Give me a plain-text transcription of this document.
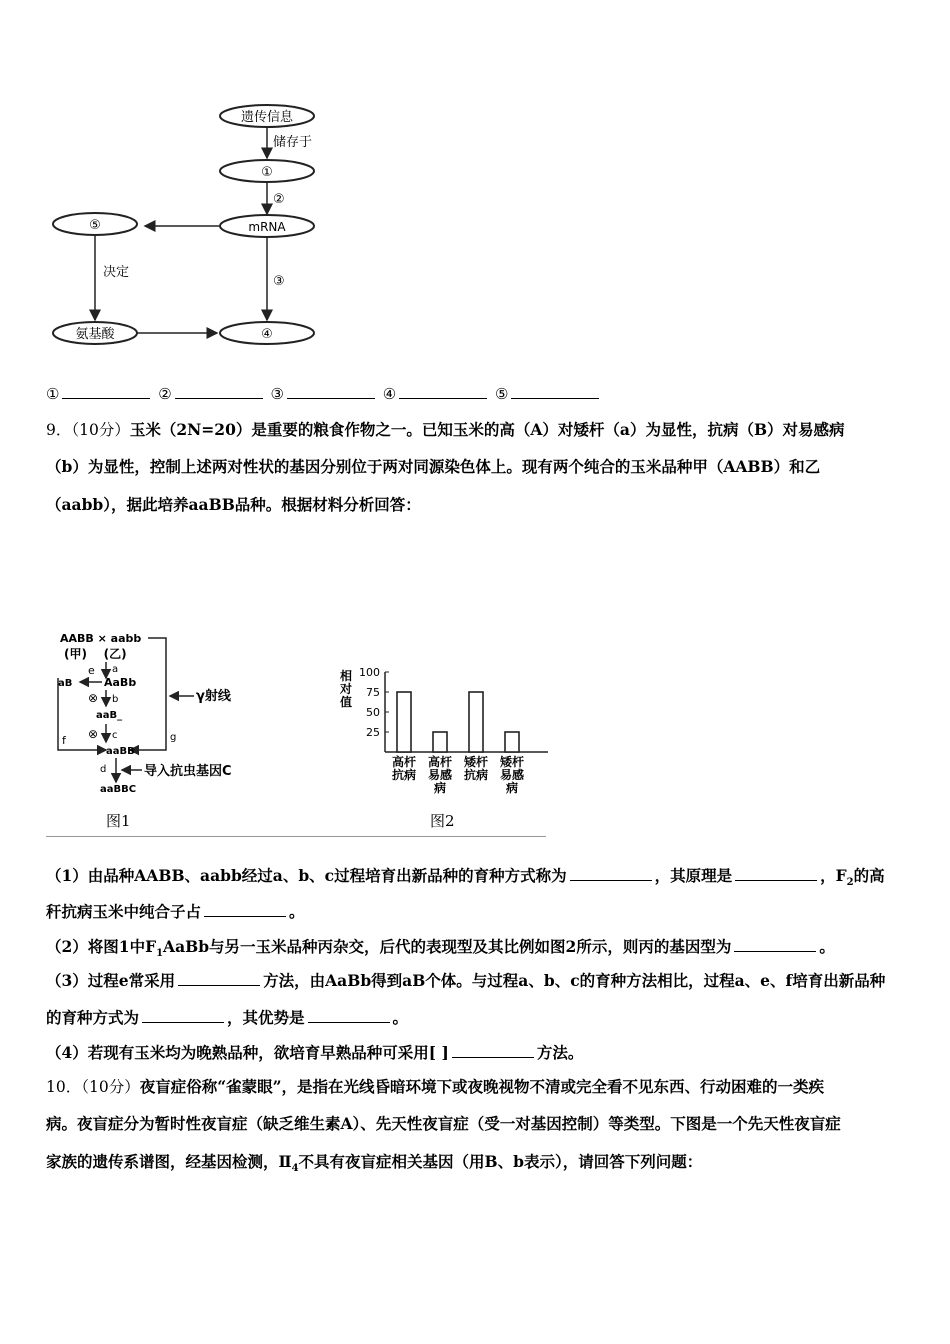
遗传信息
储存于
①
②
mRNA
⑤
决定
③
氨基酸	④
①	②	③	④	⑤
9．（10分）玉米（2N=20）是重要的粮食作物之一。已知玉米的高（A）对矮杆（a）为显性，抗病（B）对易感病
（b）为显性，控制上述两对性状的基因分别位于两对同源染色体上。现有两个纯合的玉米品种甲（AABB）和乙
（aabb），据此培养aaBB品种。根据材料分析回答：
AABB × aabb
(甲)    (乙)
g
f
a
e
aB	AaBb
⊗ b	γ射线
aaB_
⊗ c
aaBB
d	导入抗虫基因C
aaBBC
图1
相
对
值
100
75
50
25
高杆
抗病
高杆
易感
病
矮杆
抗病
矮杆
易感
病
图2
（1）由品种AABB、aabb经过a、b、c过程培育出新品种的育种方式称为	，其原理是	，$F_2$的高
秆抗病玉米中纯合子占	。
（2）将图1中$F_1AaBb$与另一玉米品种丙杂交，后代的表现型及其比例如图2所示，则丙的基因型为	。
（3）过程e常采用	方法，由AaBb得到aB个体。与过程a、b、c的育种方法相比，过程a、e、f培育出新品种
的育种方式为	，其优势是	。
（4）若现有玉米均为晚熟品种，欲培育早熟品种可采用[ ]	方法。
10．（10分）夜盲症俗称“雀蒙眼”，是指在光线昏暗环境下或夜晚视物不清或完全看不见东西、行动困难的一类疾
病。夜盲症分为暂时性夜盲症（缺乏维生素A）、先天性夜盲症（受一对基因控制）等类型。下图是一个先天性夜盲症
家族的遗传系谱图，经基因检测，$Ⅱ_4$不具有夜盲症相关基因（用B、b表示），请回答下列问题：
